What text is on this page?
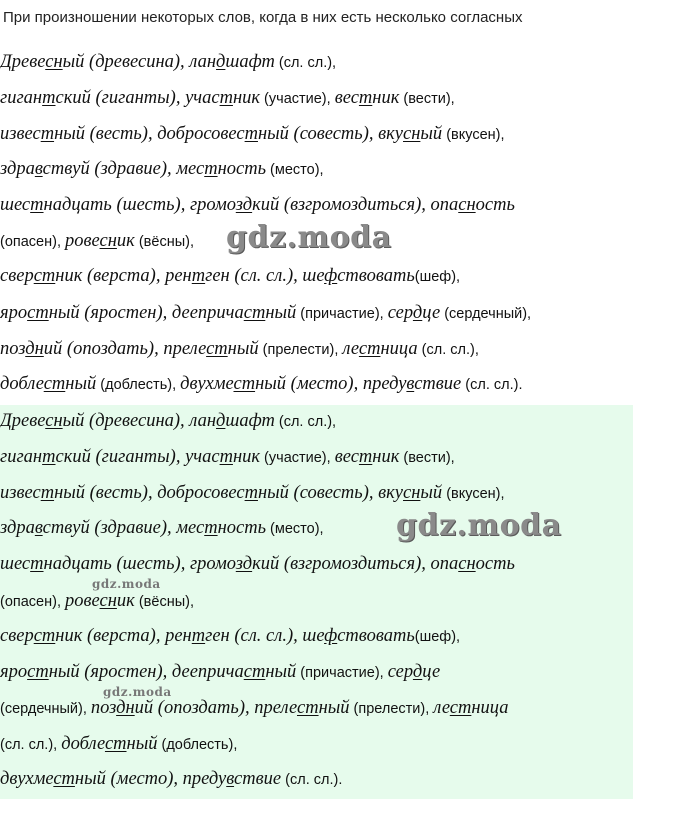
При произношении некоторых слов, когда в них есть несколько согласных
Древесный (древесина), ландшафт (сл. сл.),
гигантский (гиганты), участник (участие), вестник (вести),
известный (весть), добросовестный (совесть), вкусный (вкусен),
здравствуй (здравие), местность (место),
шестнадцать (шесть), громоздкий (взгромоздиться), опасность
(опасен), ровесник (вёсны),
сверстник (верста), рентген (сл. сл.), шефствовать(шеф),
яростный (яростен), деепричастный (причастие), сердце (сердечный),
поздний (опоздать), прелестный (прелести), лестница (сл. сл.),
доблестный (доблесть), двухместный (место), предувствие (сл. сл.).
Древесный (древесина), ландшафт (сл. сл.),
гигантский (гиганты), участник (участие), вестник (вести),
известный (весть), добросовестный (совесть), вкусный (вкусен),
здравствуй (здравие), местность (место),
шестнадцать (шесть), громоздкий (взгромоздиться), опасность
(опасен), ровесник (вёсны),
сверстник (верста), рентген (сл. сл.), шефствовать(шеф),
яростный (яростен), деепричастный (причастие), сердце
(сердечный), поздний (опоздать), прелестный (прелести), лестница
(сл. сл.), доблестный (доблесть),
двухместный (место), предувствие (сл. сл.).
gdz.moda
gdz.moda
gdz.moda
gdz.moda
